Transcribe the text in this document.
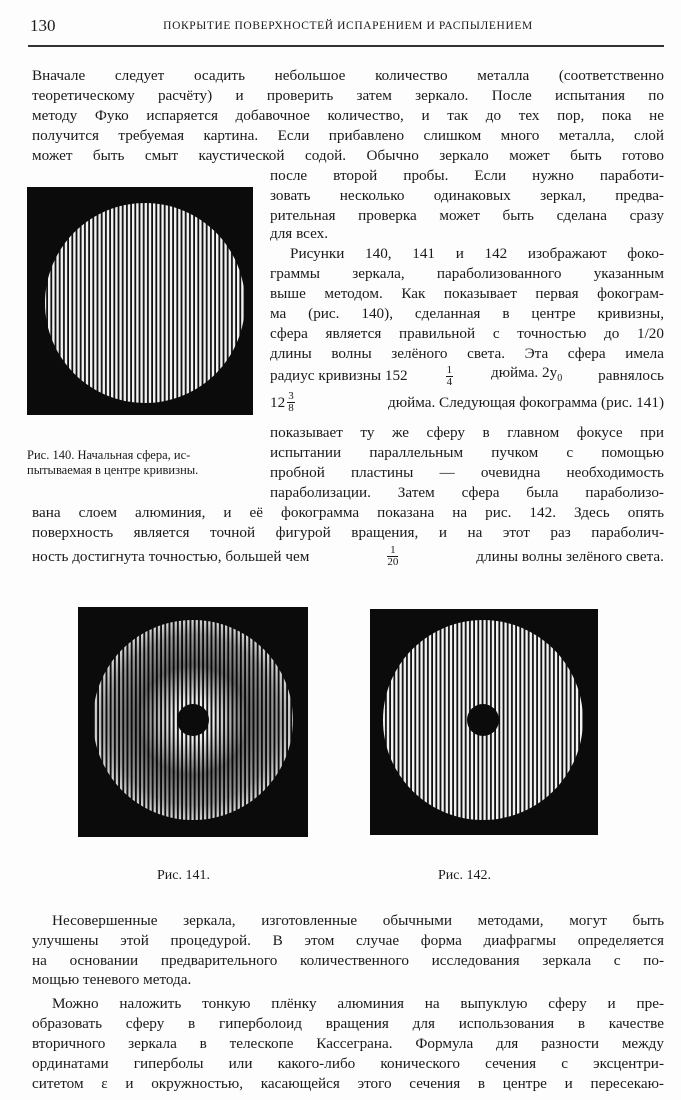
130	ПОКРЫТИЕ ПОВЕРХНОСТЕЙ ИСПАРЕНИЕМ И РАСПЫЛЕНИЕМ
Вначале следует осадить небольшое количество металла (соответственно
теоретическому расчёту) и проверить затем зеркало. После испытания по
методу Фуко испаряется добавочное количество, и так до тех пор, пока не
получится требуемая картина. Если прибавлено слишком много металла, слой
может быть смыт каустической содой. Обычно зеркало может быть готово
после второй пробы. Если нужно паработи-
зовать несколько одинаковых зеркал, предва-
рительная проверка может быть сделана сразу
для всех.
Рисунки 140, 141 и 142 изображают фоко-
граммы зеркала, параболизованного указанным
выше методом. Как показывает первая фокограм-
ма (рис. 140), сделанная в центре кривизны,
сфера является правильной с точностью до 1/20
длины волны зелёного света. Эта сфера имела
радиус кривизны 152	$\frac{1}{4}$ дюйма. $2y_0$ равнялось
$12 \frac{3}{8}$	дюйма. Следующая фокограмма (рис. 141)
показывает ту же сферу в главном фокусе при
испытании параллельным пучком с помощью
пробной пластины — очевидна необходимость
параболизации. Затем сфера была параболизо-
Рис. 140. Начальная сфера, ис-
пытываемая в центре кривизны.
вана слоем алюминия, и её фокограмма показана на рис. 142. Здесь опять
поверхность является точной фигурой вращения, и на этот раз параболич-
ность достигнута точностью, большей чем	$\frac{1}{20}$	длины волны зелёного света.
Рис. 141.	Рис. 142.
Несовершенные зеркала, изготовленные обычными методами, могут быть
улучшены этой процедурой. В этом случае форма диафрагмы определяется
на основании предварительного количественного исследования зеркала с по-
мощью теневого метода.
Можно наложить тонкую плёнку алюминия на выпуклую сферу и пре-
образовать сферу в гиперболоид вращения для использования в качестве
вторичного зеркала в телескопе Кассеграна. Формула для разности между
ординатами гиперболы или какого-либо конического сечения с эксцентри-
ситетом ε и окружностью, касающейся этого сечения в центре и пересекаю-
